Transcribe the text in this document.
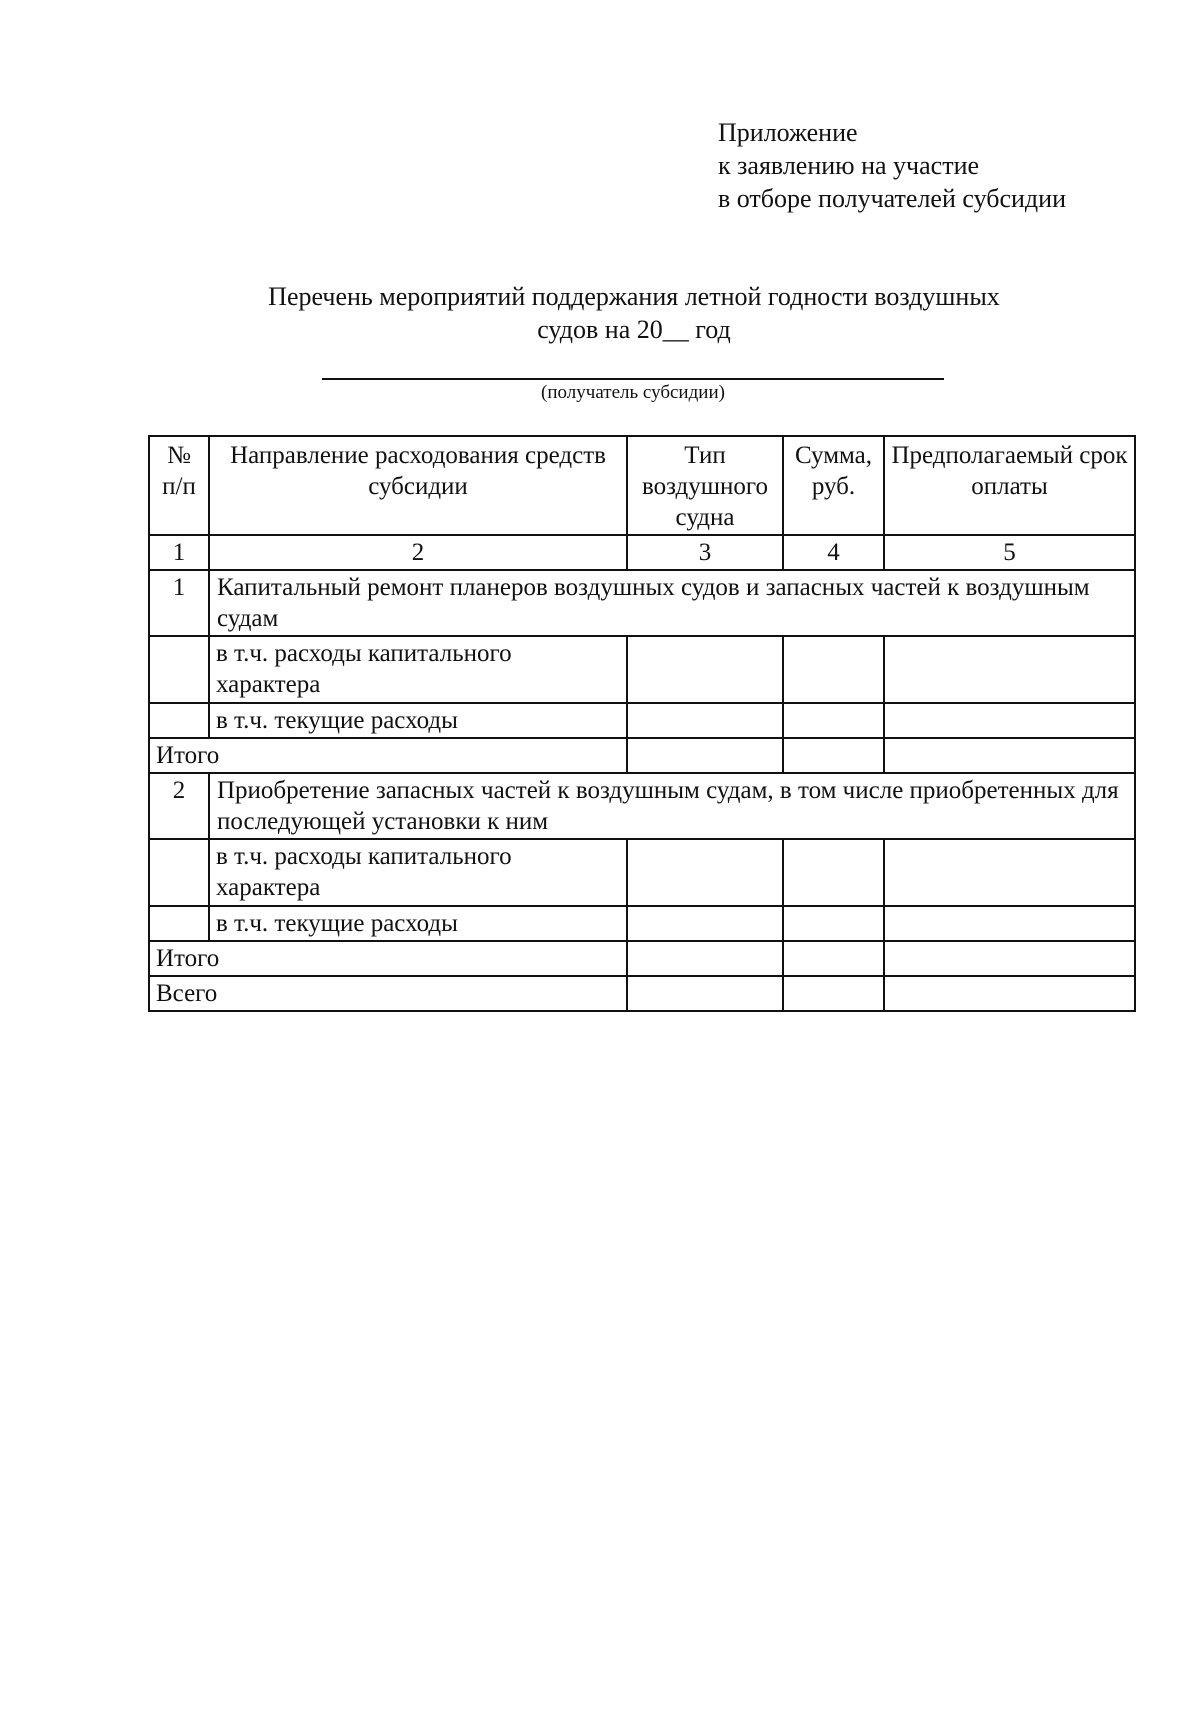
Приложение
к заявлению на участие
в отборе получателей субсидии
Перечень мероприятий поддержания летной годности воздушных
судов на 20__ год
(получатель субсидии)
№ п/п	Направление расходования средств субсидии	Тип воздушного судна	Сумма, руб.	Предполагаемый срок оплаты
1	2	3	4	5
1	Капитальный ремонт планеров воздушных судов и запасных частей к воздушным судам			
	в т.ч. расходы капитального характера			
	в т.ч. текущие расходы			
Итого				
2	Приобретение запасных частей к воздушным судам, в том числе приобретенных для последующей установки к ним			
	в т.ч. расходы капитального характера			
	в т.ч. текущие расходы			
Итого				
Всего				
